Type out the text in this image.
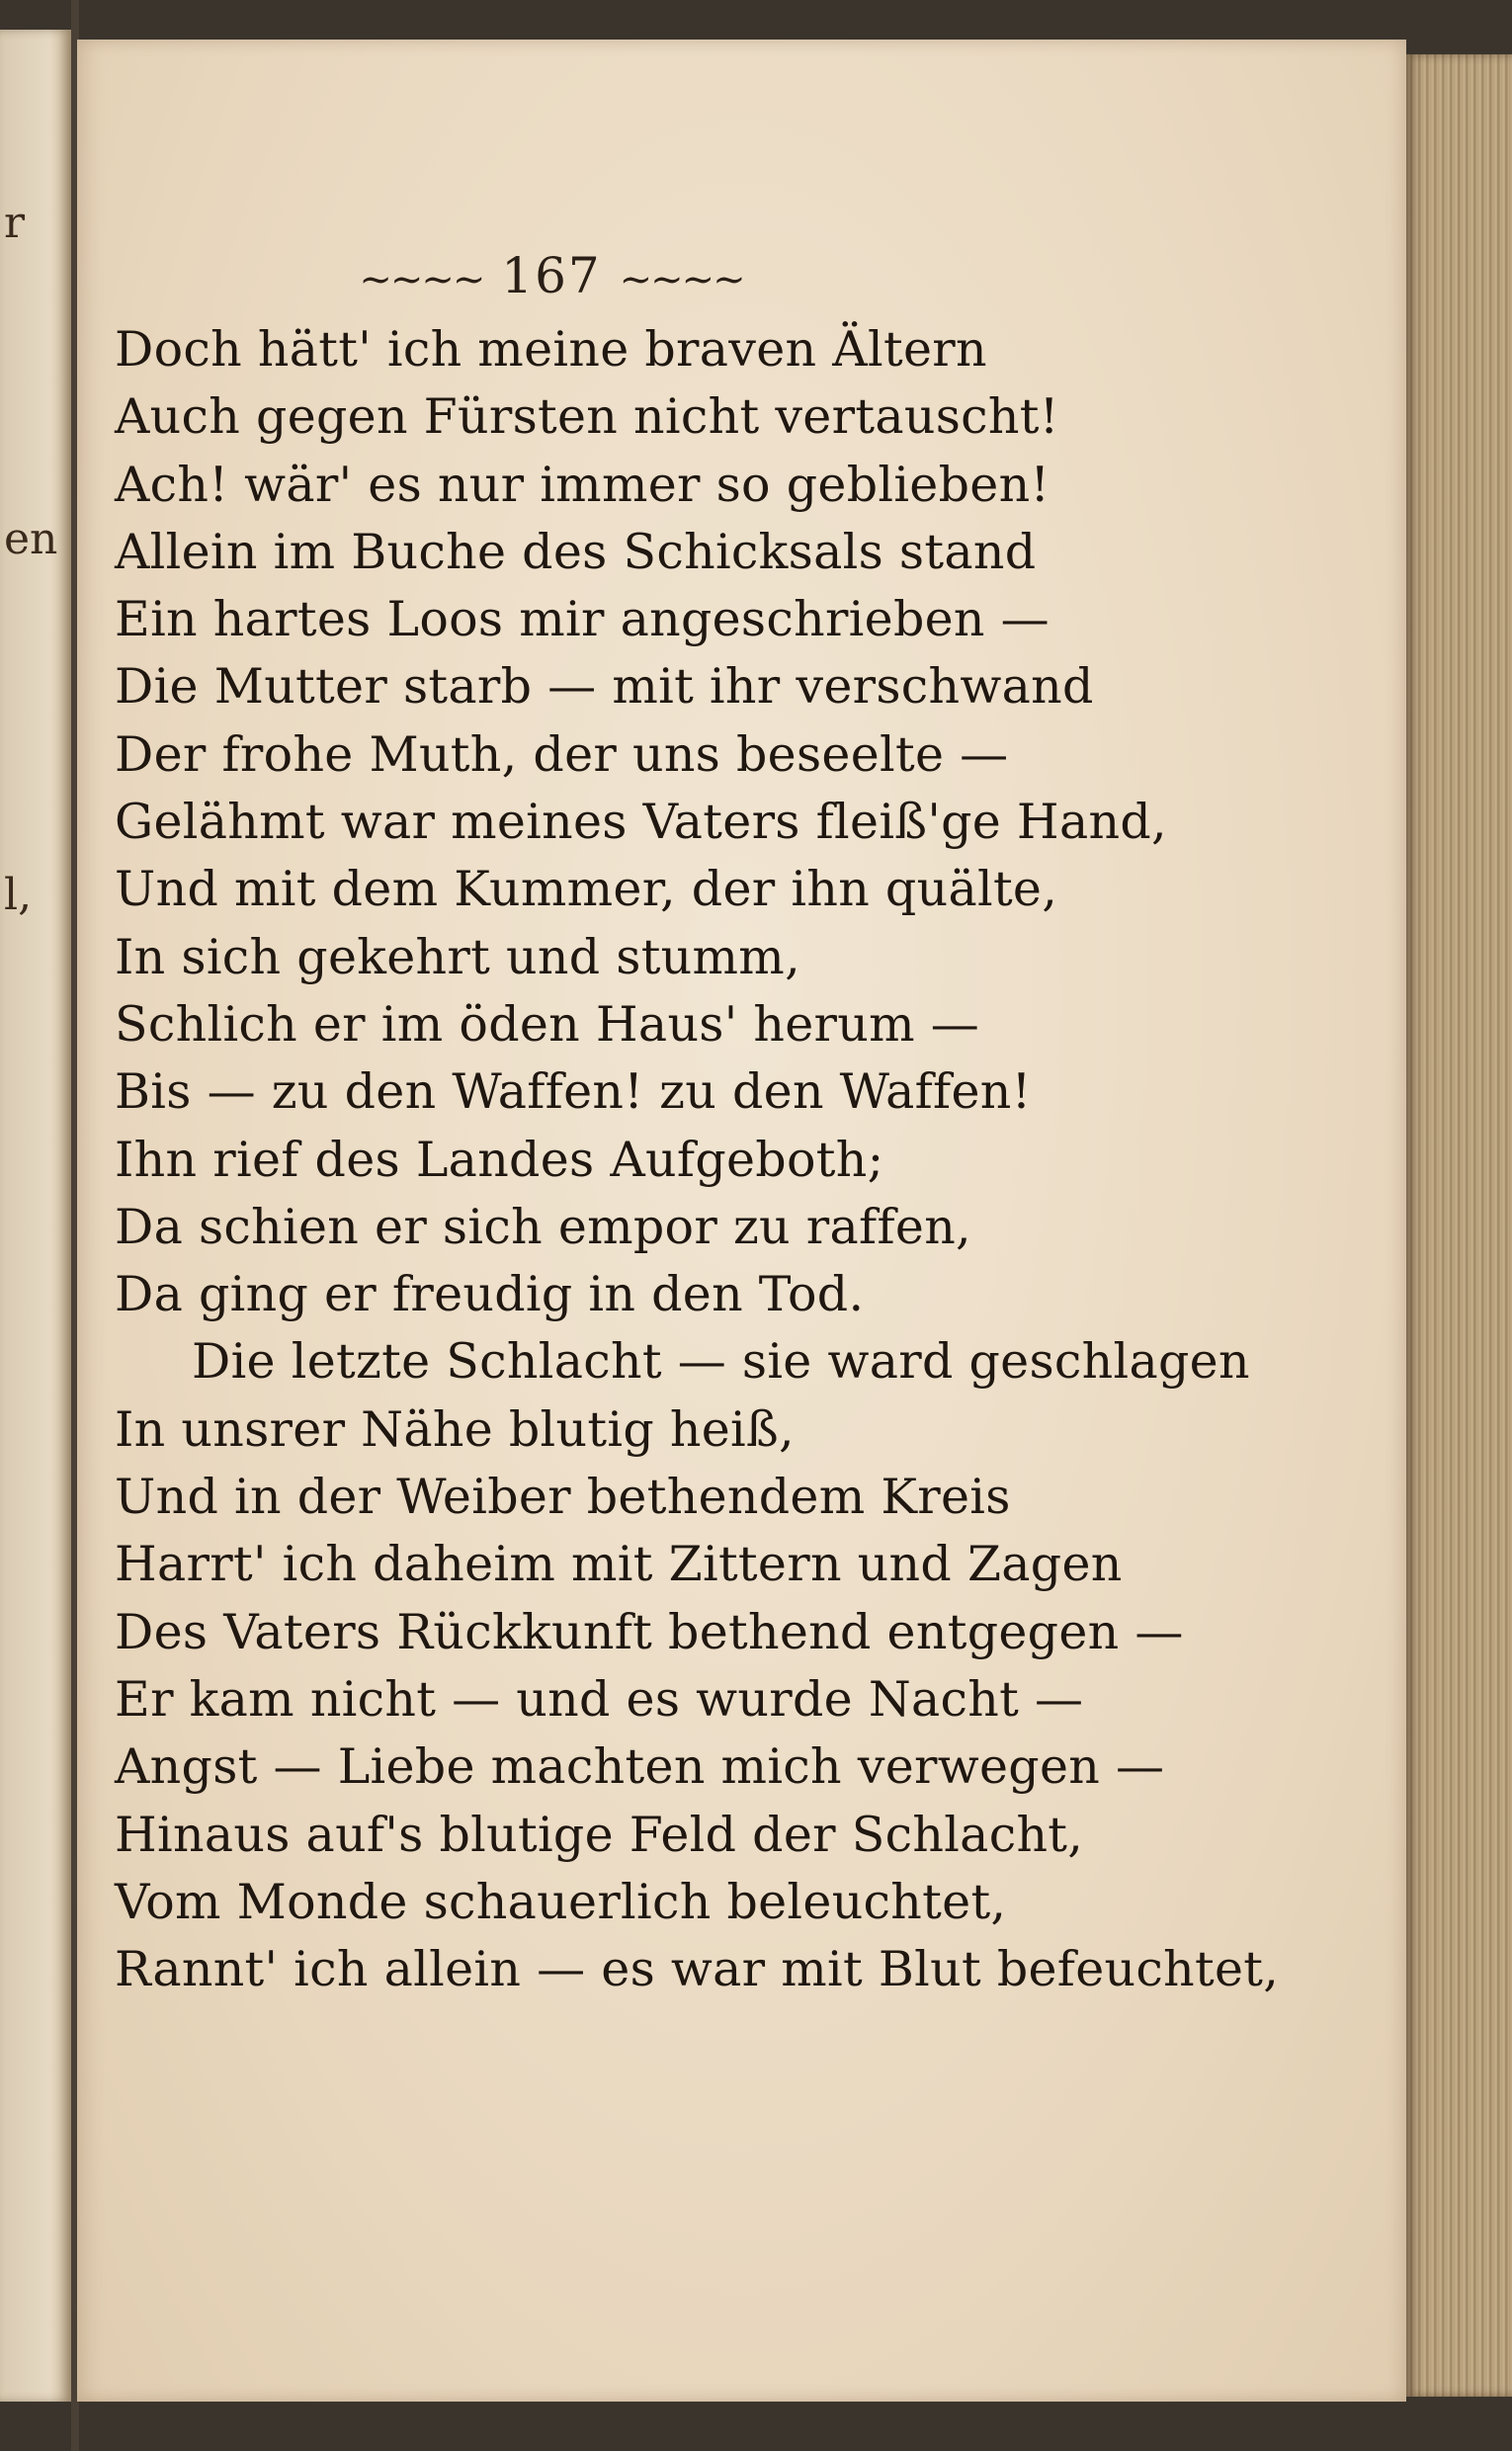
r
en
l,
~~~~ 167 ~~~~
Doch hätt' ich meine braven Ältern
Auch gegen Fürsten nicht vertauscht!
Ach! wär' es nur immer so geblieben!
Allein im Buche des Schicksals stand
Ein hartes Loos mir angeschrieben —
Die Mutter starb — mit ihr verschwand
Der frohe Muth, der uns beseelte —
Gelähmt war meines Vaters fleiß'ge Hand,
Und mit dem Kummer, der ihn quälte,
In sich gekehrt und stumm,
Schlich er im öden Haus' herum —
Bis — zu den Waffen! zu den Waffen!
Ihn rief des Landes Aufgeboth;
Da schien er sich empor zu raffen,
Da ging er freudig in den Tod.
Die letzte Schlacht — sie ward geschlagen
In unsrer Nähe blutig heiß,
Und in der Weiber bethendem Kreis
Harrt' ich daheim mit Zittern und Zagen
Des Vaters Rückkunft bethend entgegen —
Er kam nicht — und es wurde Nacht —
Angst — Liebe machten mich verwegen —
Hinaus auf's blutige Feld der Schlacht,
Vom Monde schauerlich beleuchtet,
Rannt' ich allein — es war mit Blut befeuchtet,
